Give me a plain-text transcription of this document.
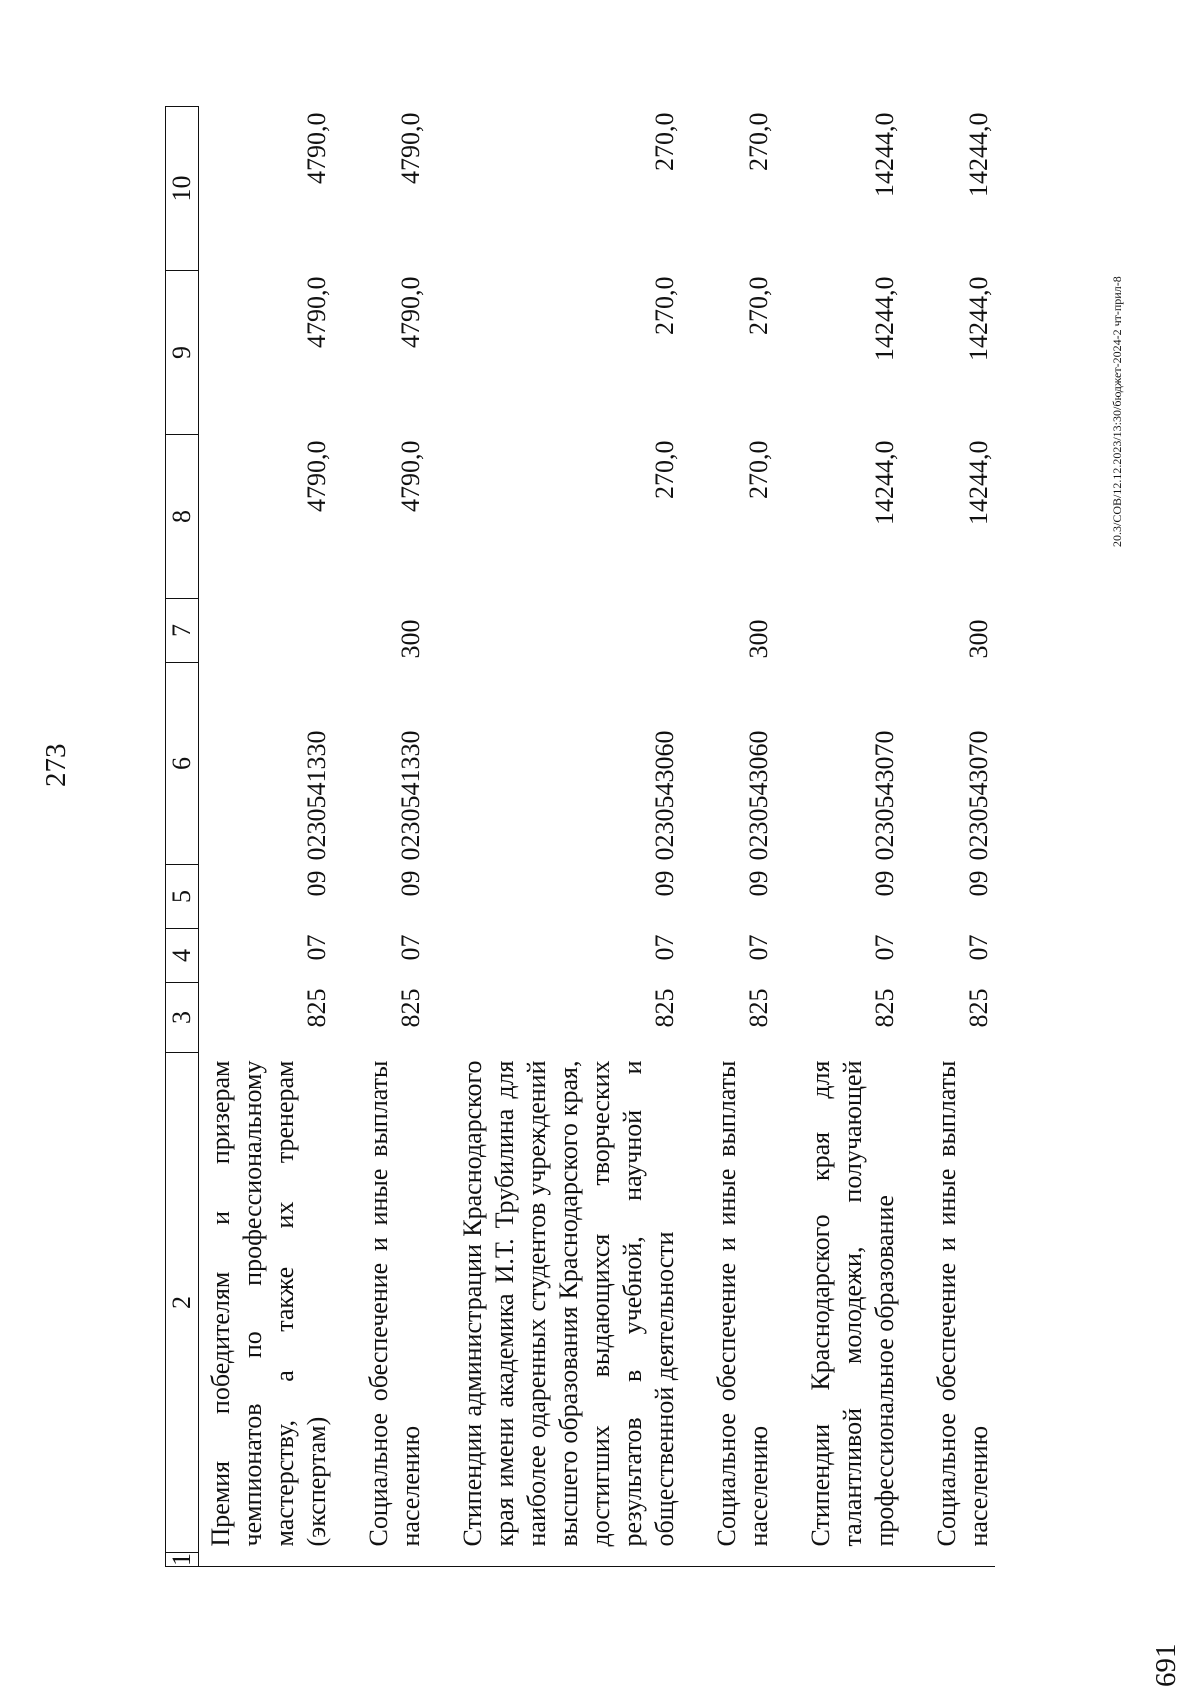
273
1	2	3	4	5	6	7	8	9	10
	Премия победителям и призерам чемпионатов по профессиональному мастерству, а также их тренерам (экспертам)	825	07	09	0230541330		4790,0	4790,0	4790,0
	Социальное обеспечение и иные выплаты населению	825	07	09	0230541330	300	4790,0	4790,0	4790,0
	Стипендии администрации Краснодарского края имени академика И.Т. Трубилина для наиболее одаренных студентов учреждений высшего образования Краснодарского края, достигших выдающихся творческих результатов в учебной, научной и общественной деятельности	825	07	09	0230543060		270,0	270,0	270,0
	Социальное обеспечение и иные выплаты населению	825	07	09	0230543060	300	270,0	270,0	270,0
	Стипендии Краснодарского края для талантливой молодежи, получающей профессиональное образование	825	07	09	0230543070		14244,0	14244,0	14244,0
	Социальное обеспечение и иные выплаты населению	825	07	09	0230543070	300	14244,0	14244,0	14244,0
20.3/СОВ/12.12.2023/13:30/бюджет-2024-2 чт-прил-8
691
